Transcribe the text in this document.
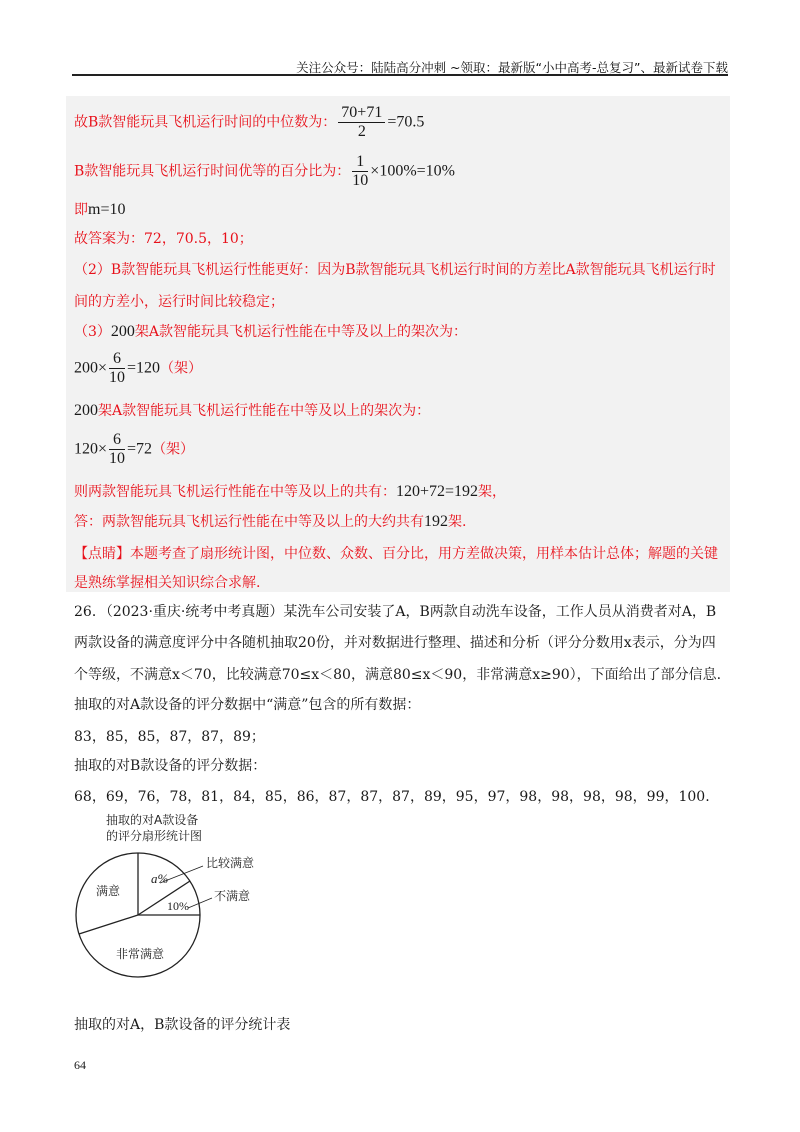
关注公众号：陆陆高分冲刺 ~领取：最新版“小中高考-总复习”、最新试卷下载
故B款智能玩具飞机运行时间的中位数为： $\frac{70+71}{2} =70.5$
B款智能玩具飞机运行时间优等的百分比为： $\frac{1}{10} \times 100\%=10\%$
即m=10
故答案为：72，70.5，10；
（2）B款智能玩具飞机运行性能更好：因为B款智能玩具飞机运行时间的方差比A款智能玩具飞机运行时
间的方差小，运行时间比较稳定；
（3）200架A款智能玩具飞机运行性能在中等及以上的架次为：
$200\times \frac{6}{10} =120$（架）
200架A款智能玩具飞机运行性能在中等及以上的架次为：
$120\times \frac{6}{10} =72$（架）
则两款智能玩具飞机运行性能在中等及以上的共有：120+72=192架，
答：两款智能玩具飞机运行性能在中等及以上的大约共有192架.
【点睛】本题考查了扇形统计图，中位数、众数、百分比，用方差做决策，用样本估计总体；解题的关键
是熟练掌握相关知识综合求解.
26．（2023·重庆·统考中考真题）某洗车公司安装了A，B两款自动洗车设备，工作人员从消费者对A，B
两款设备的满意度评分中各随机抽取20份，并对数据进行整理、描述和分析（评分分数用x表示，分为四
个等级，不满意x＜70，比较满意70≤x＜80，满意80≤x＜90，非常满意x≥90），下面给出了部分信息.
抽取的对A款设备的评分数据中“满意”包含的所有数据：
83，85，85，87，87，89；
抽取的对B款设备的评分数据：
68，69，76，78，81，84，85，86，87，87，87，89，95，97，98，98，98，98，99，100.
抽取的对A款设备
的评分扇形统计图
满意
非常满意
a%
10%
比较满意
不满意
抽取的对A，B款设备的评分统计表
64
